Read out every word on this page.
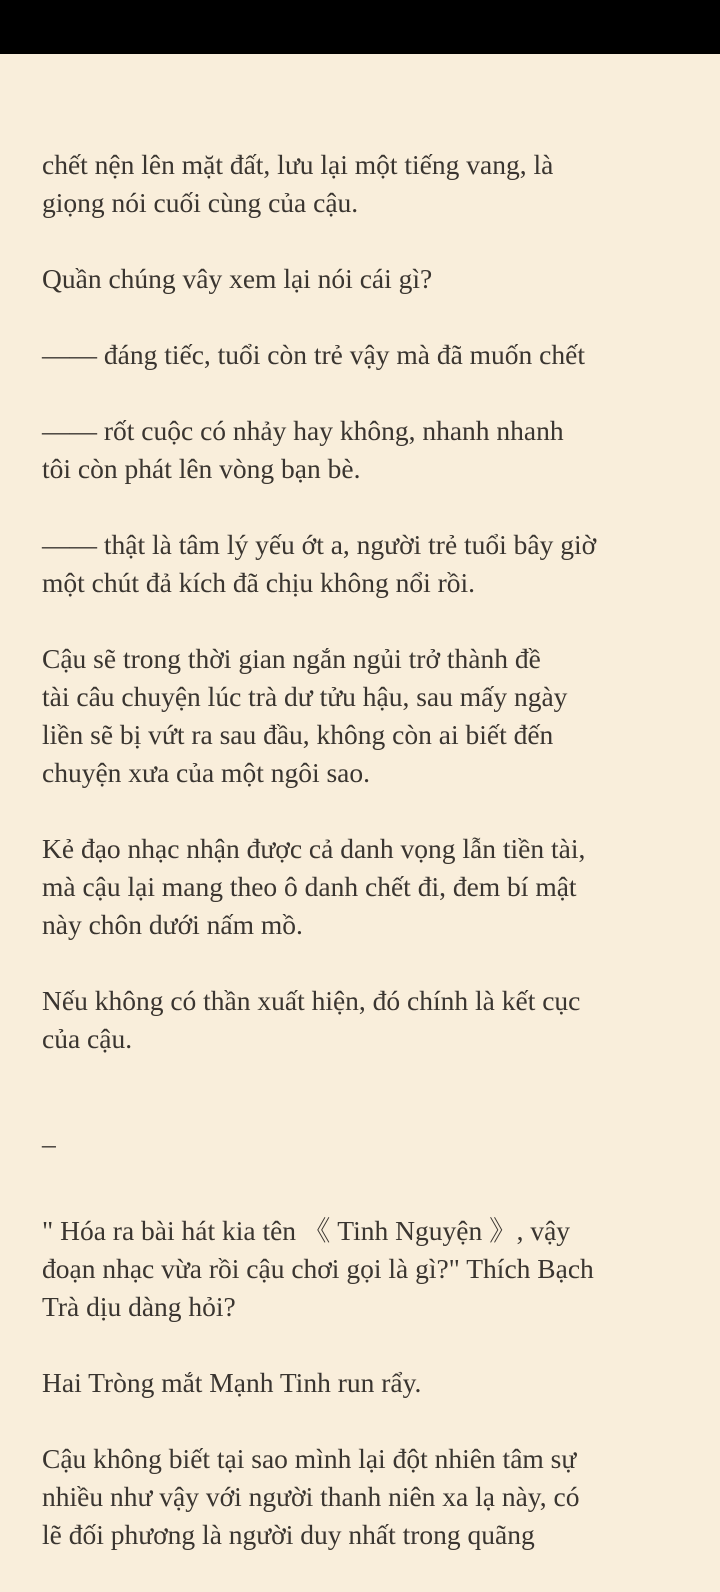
chết nện lên mặt đất, lưu lại một tiếng vang, là
giọng nói cuối cùng của cậu.

Quần chúng vây xem lại nói cái gì?

—— đáng tiếc, tuổi còn trẻ vậy mà đã muốn chết

—— rốt cuộc có nhảy hay không, nhanh nhanh
tôi còn phát lên vòng bạn bè.

—— thật là tâm lý yếu ớt a, người trẻ tuổi bây giờ
một chút đả kích đã chịu không nổi rồi.

Cậu sẽ trong thời gian ngắn ngủi trở thành đề
tài câu chuyện lúc trà dư tửu hậu, sau mấy ngày
liền sẽ bị vứt ra sau đầu, không còn ai biết đến
chuyện xưa của một ngôi sao.

Kẻ đạo nhạc nhận được cả danh vọng lẫn tiền tài,
mà cậu lại mang theo ô danh chết đi, đem bí mật
này chôn dưới nấm mồ.

Nếu không có thần xuất hiện, đó chính là kết cục
của cậu.

_

" Hóa ra bài hát kia tên 《 Tinh Nguyện 》, vậy
đoạn nhạc vừa rồi cậu chơi gọi là gì?" Thích Bạch
Trà dịu dàng hỏi?

Hai Tròng mắt Mạnh Tinh run rẩy.

Cậu không biết tại sao mình lại đột nhiên tâm sự
nhiều như vậy với người thanh niên xa lạ này, có
lẽ đối phương là người duy nhất trong quãng
